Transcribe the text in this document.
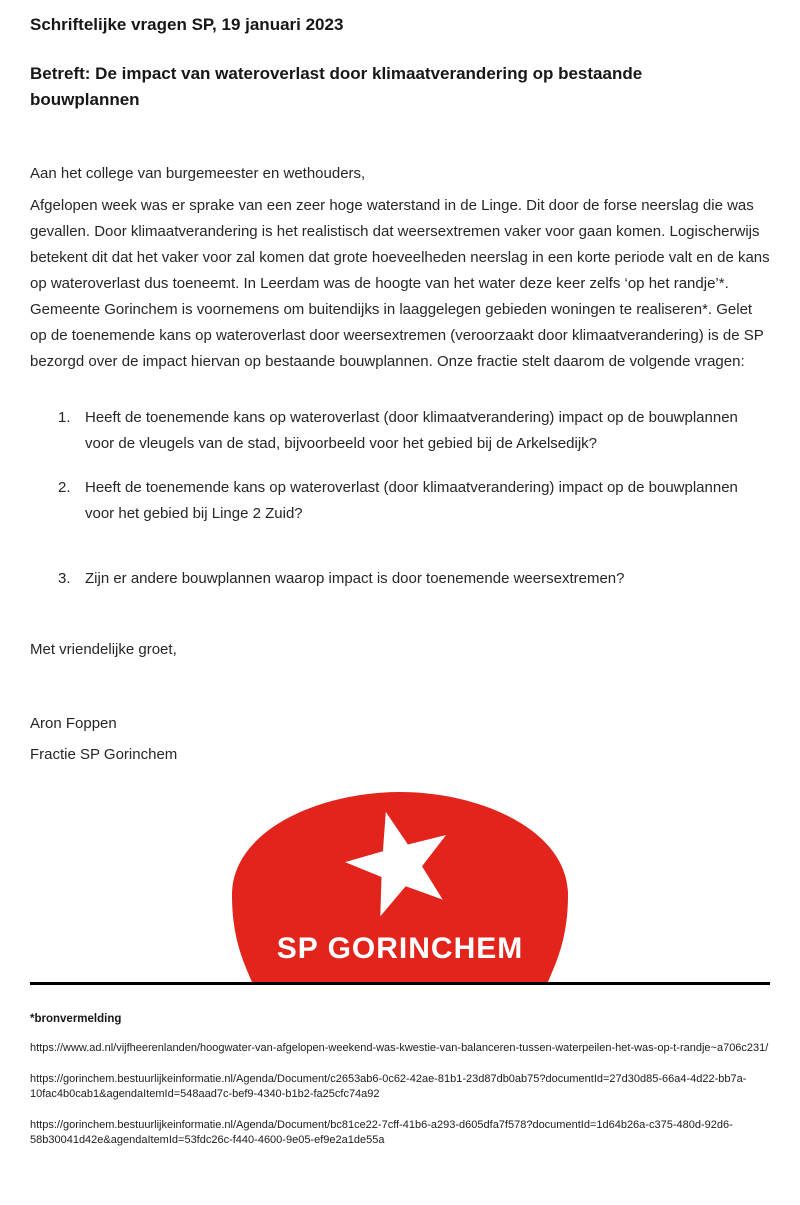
Schriftelijke vragen SP, 19 januari 2023
Betreft: De impact van wateroverlast door klimaatverandering op bestaande bouwplannen

Aan het college van burgemeester en wethouders,

Afgelopen week was er sprake van een zeer hoge waterstand in de Linge. Dit door de forse neerslag die was gevallen. Door klimaatverandering is het realistisch dat weersextremen vaker voor gaan komen. Logischerwijs betekent dit dat het vaker voor zal komen dat grote hoeveelheden neerslag in een korte periode valt en de kans op wateroverlast dus toeneemt. In Leerdam was de hoogte van het water deze keer zelfs ‘op het randje’*. Gemeente Gorinchem is voornemens om buitendijks in laaggelegen gebieden woningen te realiseren*. Gelet op de toenemende kans op wateroverlast door weersextremen (veroorzaakt door klimaatverandering) is de SP bezorgd over de impact hiervan op bestaande bouwplannen. Onze fractie stelt daarom de volgende vragen:

1. Heeft de toenemende kans op wateroverlast (door klimaatverandering) impact op de bouwplannen voor de vleugels van de stad, bijvoorbeeld voor het gebied bij de Arkelsedijk?
2. Heeft de toenemende kans op wateroverlast (door klimaatverandering) impact op de bouwplannen voor het gebied bij Linge 2 Zuid?
3. Zijn er andere bouwplannen waarop impact is door toenemende weersextremen?

Met vriendelijke groet,

Aron Foppen

Fractie SP Gorinchem

SP GORINCHEM

*bronvermelding

https://www.ad.nl/vijfheerenlanden/hoogwater-van-afgelopen-weekend-was-kwestie-van-balanceren-tussen-waterpeilen-het-was-op-t-randje~a706c231/

https://gorinchem.bestuurlijkeinformatie.nl/Agenda/Document/c2653ab6-0c62-42ae-81b1-23d87db0ab75?documentId=27d30d85-66a4-4d22-bb7a-10fac4b0cab1&agendaItemId=548aad7c-bef9-4340-b1b2-fa25cfc74a92

https://gorinchem.bestuurlijkeinformatie.nl/Agenda/Document/bc81ce22-7cff-41b6-a293-d605dfa7f578?documentId=1d64b26a-c375-480d-92d6-58b30041d42e&agendaItemId=53fdc26c-f440-4600-9e05-ef9e2a1de55a
